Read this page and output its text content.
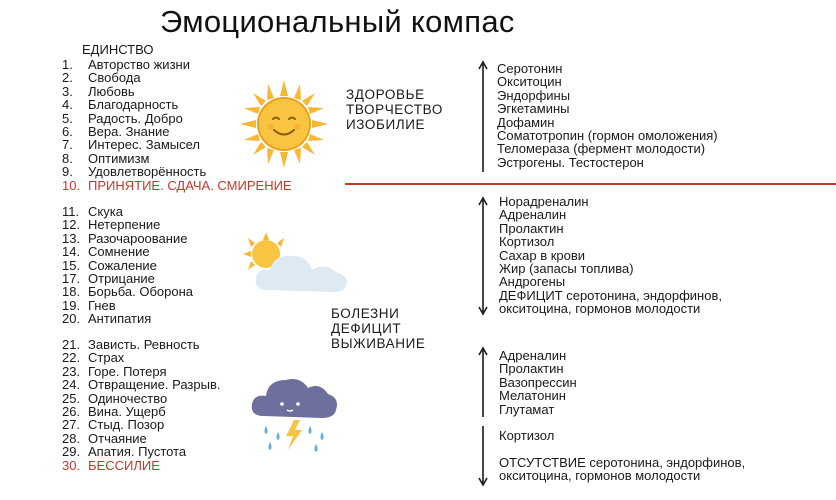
Эмоциональный компас
ЕДИНСТВО
1. Авторство жизни
2. Свобода
3. Любовь
4. Благодарность
5. Радость. Добро
6. Вера. Знание
7. Интерес. Замысел
8. Оптимизм
9. Удовлетворённость
10. ПРИНЯТИЕ. СДАЧА. СМИРЕНИЕ
11. Скука
12. Нетерпение
13. Разочароование
14. Сомнение
15. Сожаление
17. Отрицание
18. Борьба. Оборона
19. Гнев
20. Антипатия
21. Зависть. Ревность
22. Страх
23. Горе. Потеря
24. Отвращение. Разрыв.
25. Одиночество
26. Вина. Ущерб
27. Стыд. Позор
28. Отчаяние
29. Апатия. Пустота
30. БЕССИЛИЕ
ЗДОРОВЬЕ
ТВОРЧЕСТВО
ИЗОБИЛИЕ
БОЛЕЗНИ
ДЕФИЦИТ
ВЫЖИВАНИЕ
Серотонин
Окситоцин
Эндорфины
Эгкетамины
Дофамин
Соматотропин (гормон омоложения)
Теломераза (фермент молодости)
Эстрогены. Тестостерон
Норадреналин
Адреналин
Пролактин
Кортизол
Сахар в крови
Жир (запасы топлива)
Андрогены
ДЕФИЦИТ серотонина, эндорфинов,
окситоцина, гормонов молодости
Адреналин
Пролактин
Вазопрессин
Мелатонин
Глутамат
Кортизол
ОТСУТСТВИЕ серотонина, эндорфинов,
окситоцина, гормонов молодости
